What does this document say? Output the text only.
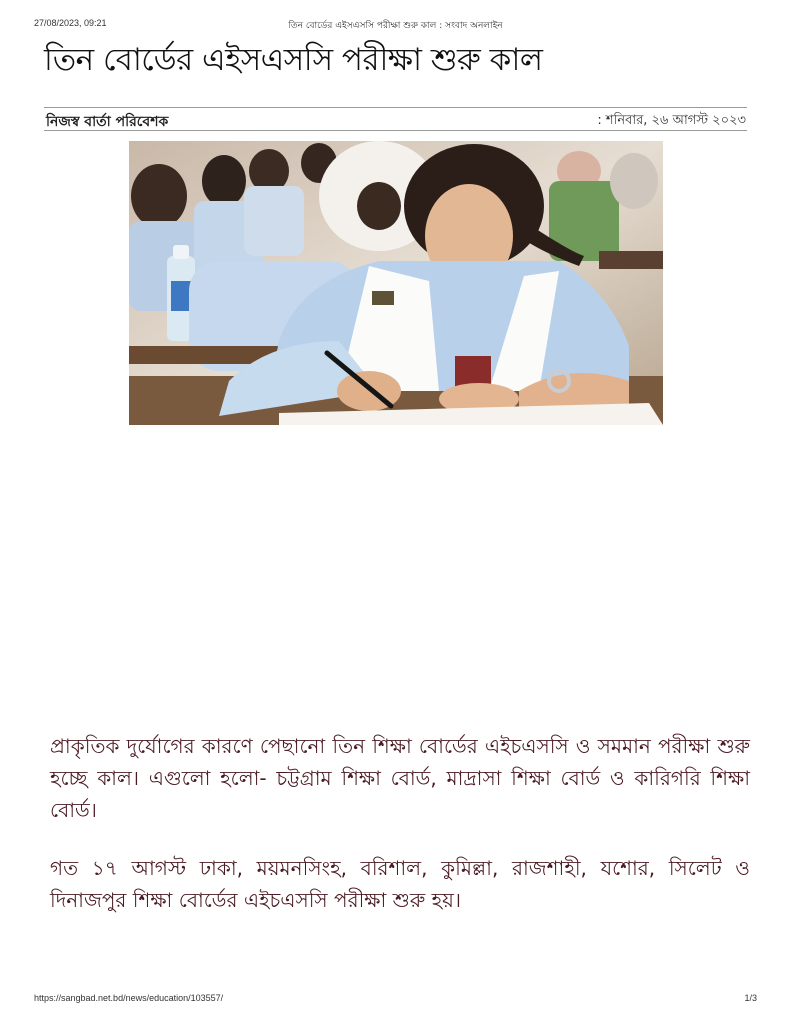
27/08/2023, 09:21	তিন বোর্ডের এইসএসসি পরীক্ষা শুরু কাল : সংবাদ অনলাইন
তিন বোর্ডের এইসএসসি পরীক্ষা শুরু কাল
নিজস্ব বার্তা পরিবেশক	: শনিবার, ২৬ আগস্ট ২০২৩

প্রাকৃতিক দুর্যোগের কারণে পেছানো তিন শিক্ষা বোর্ডের এইচএসসি ও সমমান পরীক্ষা শুরু হচ্ছে কাল। এগুলো হলো- চট্টগ্রাম শিক্ষা বোর্ড, মাদ্রাসা শিক্ষা বোর্ড ও কারিগরি শিক্ষা বোর্ড।

গত ১৭ আগস্ট ঢাকা, ময়মনসিংহ, বরিশাল, কুমিল্লা, রাজশাহী, যশোর, সিলেট ও দিনাজপুর শিক্ষা বোর্ডের এইচএসসি পরীক্ষা শুরু হয়।

https://sangbad.net.bd/news/education/103557/	1/3
